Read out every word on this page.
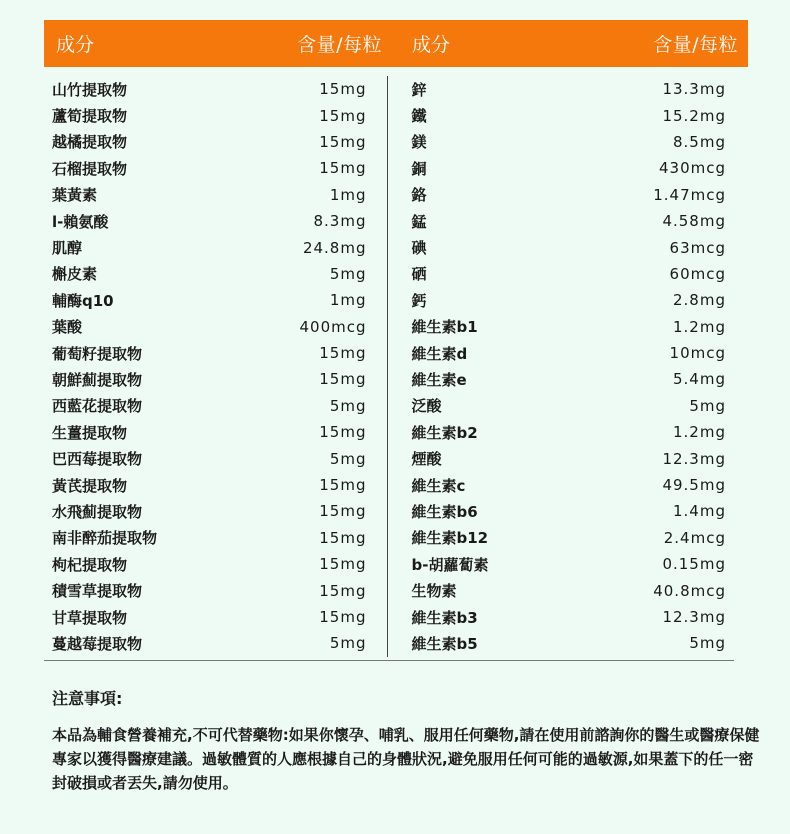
成分	含量/每粒 成分	含量/每粒
山竹提取物	15mg
蘆筍提取物	15mg
越橘提取物	15mg
石榴提取物	15mg
葉黃素	1mg
l-賴氨酸	8.3mg
肌醇	24.8mg
槲皮素	5mg
輔酶q10	1mg
葉酸	400mcg
葡萄籽提取物	15mg
朝鮮薊提取物	15mg
西藍花提取物	5mg
生薑提取物	15mg
巴西莓提取物	5mg
黃芪提取物	15mg
水飛薊提取物	15mg
南非醉茄提取物	15mg
枸杞提取物	15mg
積雪草提取物	15mg
甘草提取物	15mg
蔓越莓提取物	5mg
鋅	13.3mg
鐵	15.2mg
鎂	8.5mg
銅	430mcg
鉻	1.47mcg
錳	4.58mg
碘	63mcg
硒	60mcg
鈣	2.8mg
維生素b1	1.2mg
維生素d	10mcg
維生素e	5.4mg
泛酸	5mg
維生素b2	1.2mg
煙酸	12.3mg
維生素c	49.5mg
維生素b6	1.4mg
維生素b12	2.4mcg
b-胡蘿蔔素	0.15mg
生物素	40.8mcg
維生素b3	12.3mg
維生素b5	5mg
注意事項:
本品為輔食營養補充,不可代替藥物:如果你懷孕、哺乳、服用任何藥物,請在使用前諮詢你的醫生或醫療保健專家以獲得醫療建議。過敏體質的人應根據自己的身體狀況,避免服用任何可能的過敏源,如果蓋下的任一密封破損或者丟失,請勿使用。
